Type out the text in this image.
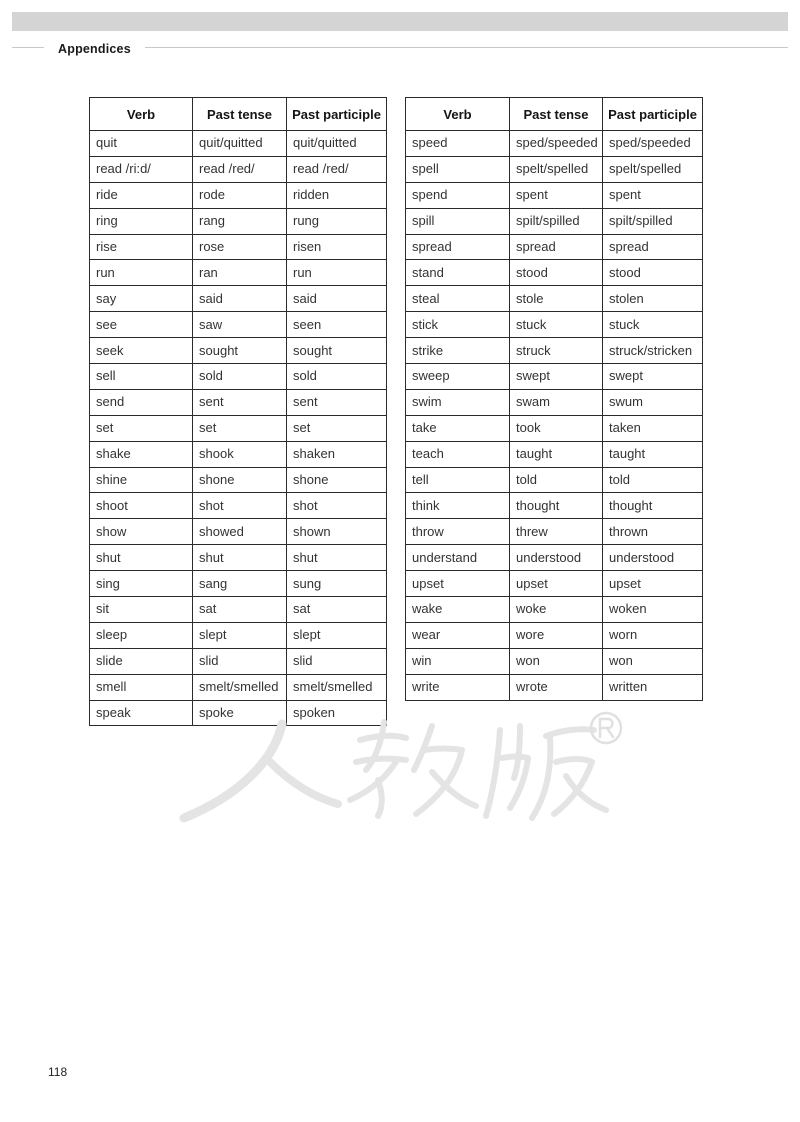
Appendices
Verb	Past tense	Past participle
quit	quit/quitted	quit/quitted
read /ri:d/	read /red/	read /red/
ride	rode	ridden
ring	rang	rung
rise	rose	risen
run	ran	run
say	said	said
see	saw	seen
seek	sought	sought
sell	sold	sold
send	sent	sent
set	set	set
shake	shook	shaken
shine	shone	shone
shoot	shot	shot
show	showed	shown
shut	shut	shut
sing	sang	sung
sit	sat	sat
sleep	slept	slept
slide	slid	slid
smell	smelt/smelled	smelt/smelled
speak	spoke	spoken
Verb	Past tense	Past participle
speed	sped/speeded	sped/speeded
spell	spelt/spelled	spelt/spelled
spend	spent	spent
spill	spilt/spilled	spilt/spilled
spread	spread	spread
stand	stood	stood
steal	stole	stolen
stick	stuck	stuck
strike	struck	struck/stricken
sweep	swept	swept
swim	swam	swum
take	took	taken
teach	taught	taught
tell	told	told
think	thought	thought
throw	threw	thrown
understand	understood	understood
upset	upset	upset
wake	woke	woken
wear	wore	worn
win	won	won
write	wrote	written
118
